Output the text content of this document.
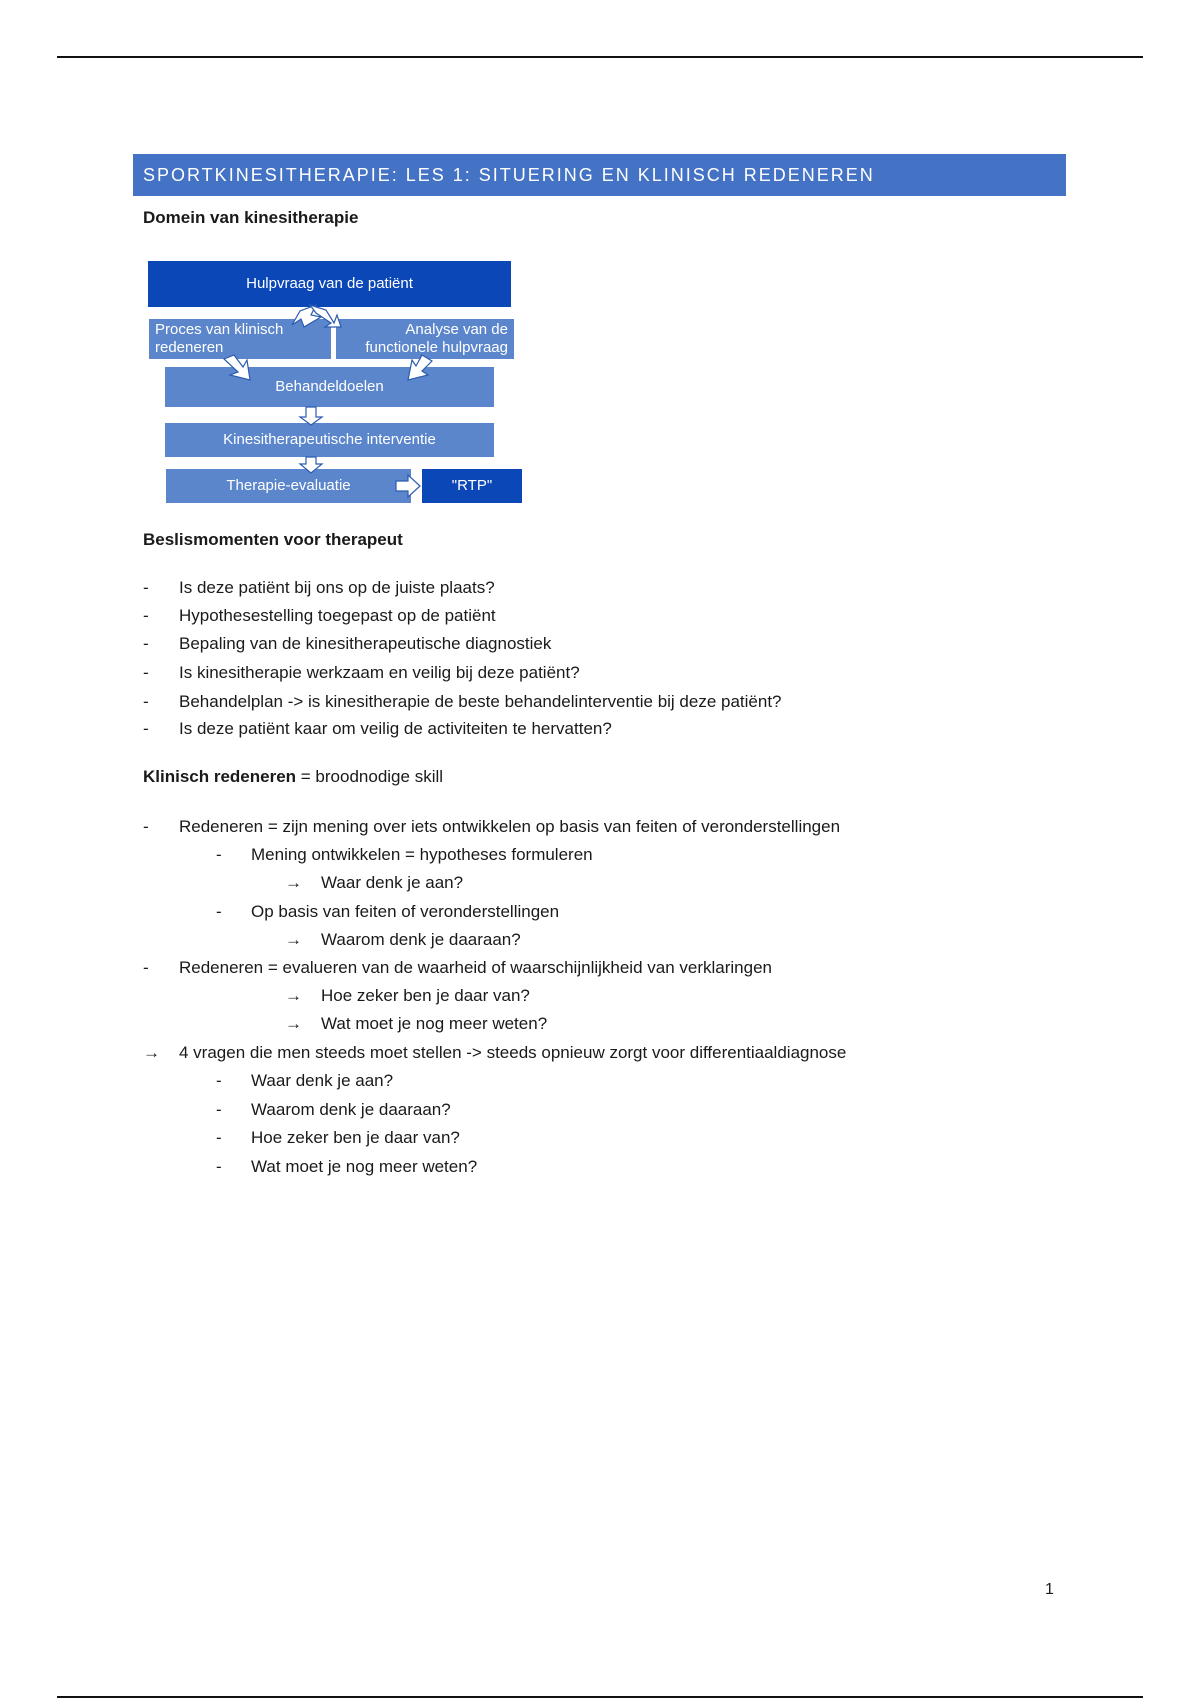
SPORTKINESITHERAPIE: LES 1: SITUERING EN KLINISCH REDENEREN
Domein van kinesitherapie
Hulpvraag van de patiënt
Proces van klinisch redeneren
Analyse van de functionele hulpvraag
Behandeldoelen
Kinesitherapeutische interventie
Therapie-evaluatie	"RTP"
Beslismomenten voor therapeut
- Is deze patiënt bij ons op de juiste plaats?
- Hypothesestelling toegepast op de patiënt
- Bepaling van de kinesitherapeutische diagnostiek
- Is kinesitherapie werkzaam en veilig bij deze patiënt?
- Behandelplan -> is kinesitherapie de beste behandelinterventie bij deze patiënt?
- Is deze patiënt kaar om veilig de activiteiten te hervatten?
Klinisch redeneren = broodnodige skill
- Redeneren = zijn mening over iets ontwikkelen op basis van feiten of veronderstellingen
- Mening ontwikkelen = hypotheses formuleren
→ Waar denk je aan?
- Op basis van feiten of veronderstellingen
→ Waarom denk je daaraan?
- Redeneren = evalueren van de waarheid of waarschijnlijkheid van verklaringen
→ Hoe zeker ben je daar van?
→ Wat moet je nog meer weten?
→ 4 vragen die men steeds moet stellen -> steeds opnieuw zorgt voor differentiaaldiagnose
- Waar denk je aan?
- Waarom denk je daaraan?
- Hoe zeker ben je daar van?
- Wat moet je nog meer weten?
1
